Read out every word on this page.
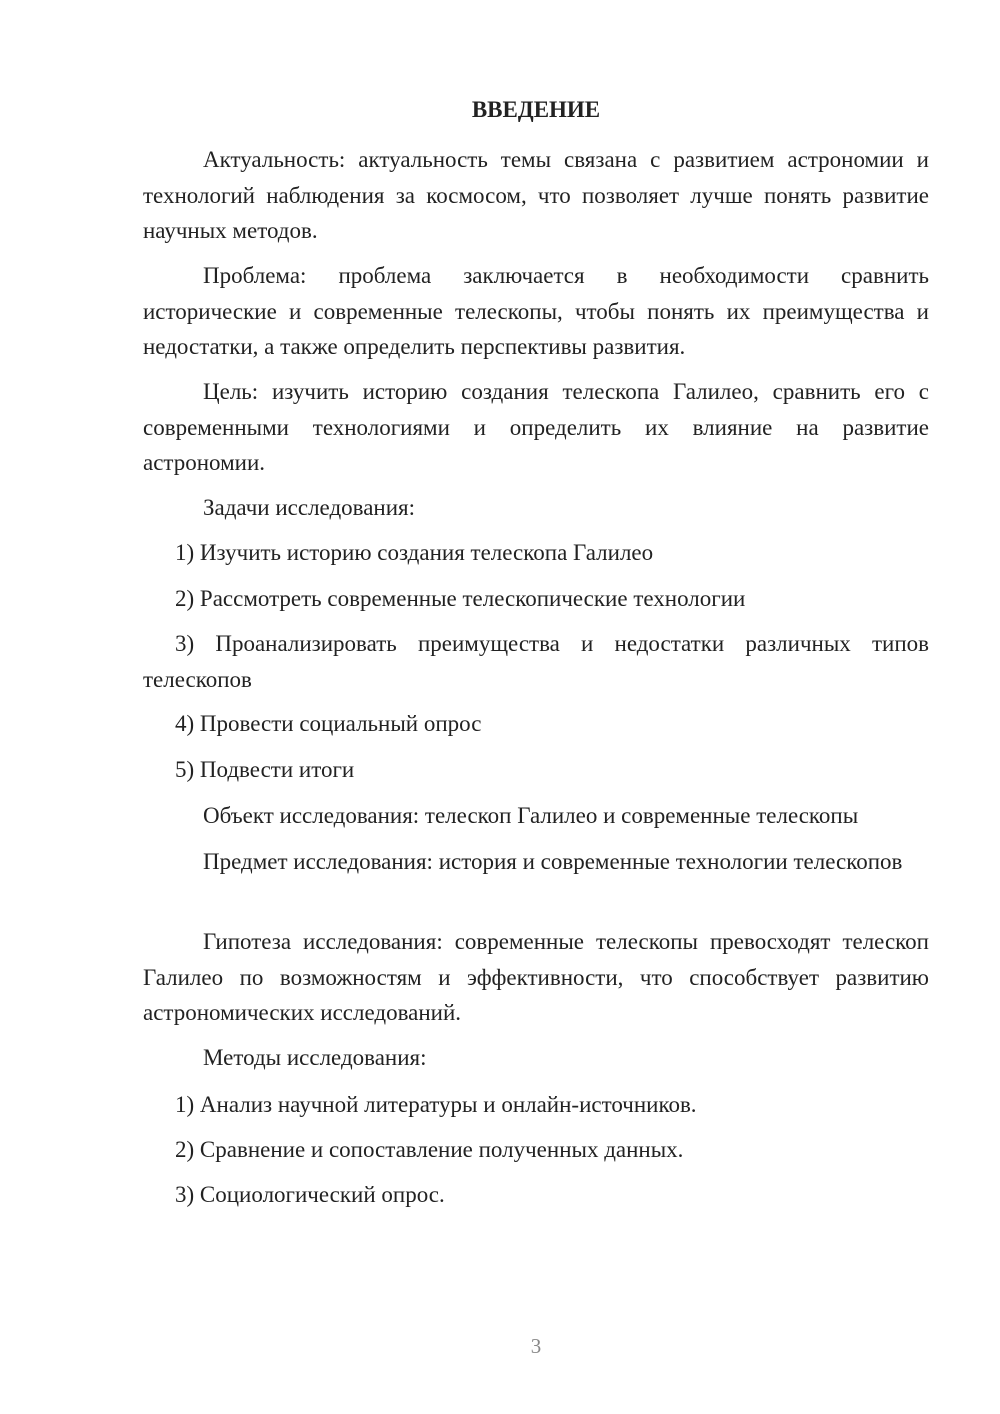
ВВЕДЕНИЕ

Актуальность: актуальность темы связана с развитием астрономии и технологий наблюдения за космосом, что позволяет лучше понять развитие научных методов.

Проблема: проблема заключается в необходимости сравнить исторические и современные телескопы, чтобы понять их преимущества и недостатки, а также определить перспективы развития.

Цель: изучить историю создания телескопа Галилео, сравнить его с современными технологиями и определить их влияние на развитие астрономии.

Задачи исследования:

1) Изучить историю создания телескопа Галилео

2) Рассмотреть современные телескопические технологии

3) Проанализировать преимущества и недостатки различных типов телескопов

4) Провести социальный опрос

5) Подвести итоги

Объект исследования: телескоп Галилео и современные телескопы

Предмет исследования: история и современные технологии телескопов

Гипотеза исследования: современные телескопы превосходят телескоп Галилео по возможностям и эффективности, что способствует развитию астрономических исследований.

Методы исследования:

1) Анализ научной литературы и онлайн-источников.

2) Сравнение и сопоставление полученных данных.

3) Социологический опрос.

3
